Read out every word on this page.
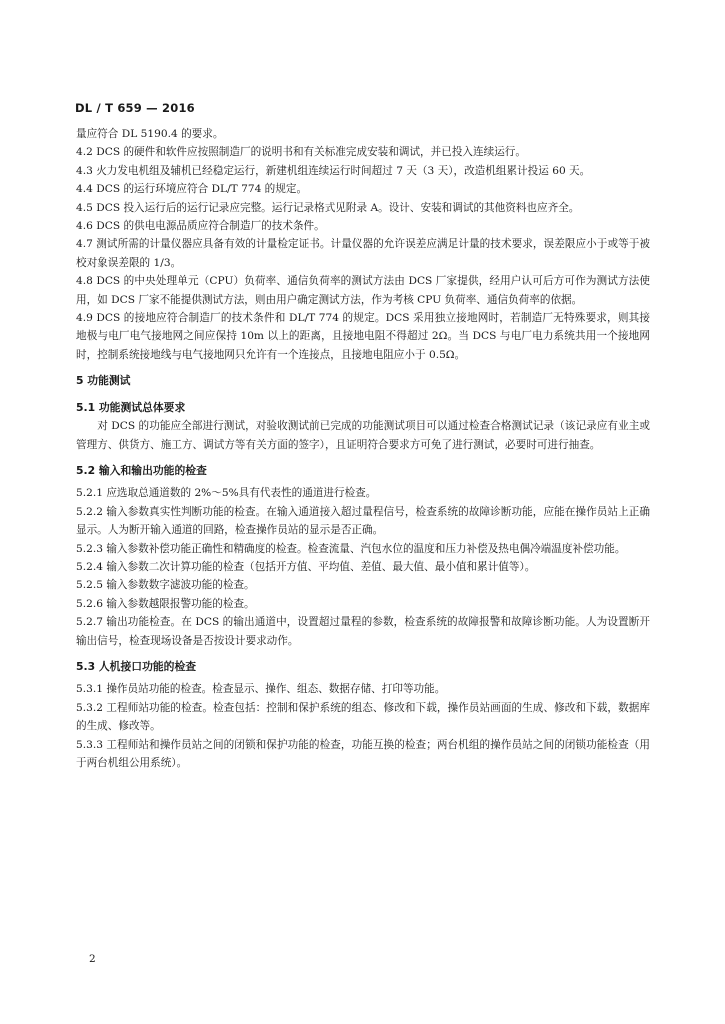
DL / T 659 — 2016

量应符合 DL 5190.4 的要求。

4.2 DCS 的硬件和软件应按照制造厂的说明书和有关标准完成安装和调试，并已投入连续运行。

4.3 火力发电机组及辅机已经稳定运行，新建机组连续运行时间超过 7 天（3 天），改造机组累计投运 60 天。

4.4 DCS 的运行环境应符合 DL/T 774 的规定。

4.5 DCS 投入运行后的运行记录应完整。运行记录格式见附录 A。设计、安装和调试的其他资料也应齐全。

4.6 DCS 的供电电源品质应符合制造厂的技术条件。

4.7 测试所需的计量仪器应具备有效的计量检定证书。计量仪器的允许误差应满足计量的技术要求，误差限应小于或等于被校对象误差限的 1/3。

4.8 DCS 的中央处理单元（CPU）负荷率、通信负荷率的测试方法由 DCS 厂家提供，经用户认可后方可作为测试方法使用，如 DCS 厂家不能提供测试方法，则由用户确定测试方法，作为考核 CPU 负荷率、通信负荷率的依据。

4.9 DCS 的接地应符合制造厂的技术条件和 DL/T 774 的规定。DCS 采用独立接地网时，若制造厂无特殊要求，则其接地极与电厂电气接地网之间应保持 10m 以上的距离，且接地电阻不得超过 2Ω。当 DCS 与电厂电力系统共用一个接地网时，控制系统接地线与电气接地网只允许有一个连接点，且接地电阻应小于 0.5Ω。

5 功能测试

5.1 功能测试总体要求

对 DCS 的功能应全部进行测试，对验收测试前已完成的功能测试项目可以通过检查合格测试记录（该记录应有业主或管理方、供货方、施工方、调试方等有关方面的签字），且证明符合要求方可免了进行测试，必要时可进行抽查。

5.2 输入和输出功能的检查

5.2.1 应选取总通道数的 2%～5%具有代表性的通道进行检查。

5.2.2 输入参数真实性判断功能的检查。在输入通道接入超过量程信号，检查系统的故障诊断功能，应能在操作员站上正确显示。人为断开输入通道的回路，检查操作员站的显示是否正确。

5.2.3 输入参数补偿功能正确性和精确度的检查。检查流量、汽包水位的温度和压力补偿及热电偶冷端温度补偿功能。

5.2.4 输入参数二次计算功能的检查（包括开方值、平均值、差值、最大值、最小值和累计值等）。

5.2.5 输入参数数字滤波功能的检查。

5.2.6 输入参数越限报警功能的检查。

5.2.7 输出功能检查。在 DCS 的输出通道中，设置超过量程的参数，检查系统的故障报警和故障诊断功能。人为设置断开输出信号，检查现场设备是否按设计要求动作。

5.3 人机接口功能的检查

5.3.1 操作员站功能的检查。检查显示、操作、组态、数据存储、打印等功能。

5.3.2 工程师站功能的检查。检查包括：控制和保护系统的组态、修改和下载，操作员站画面的生成、修改和下载，数据库的生成、修改等。

5.3.3 工程师站和操作员站之间的闭锁和保护功能的检查，功能互换的检查；两台机组的操作员站之间的闭锁功能检查（用于两台机组公用系统）。

2
